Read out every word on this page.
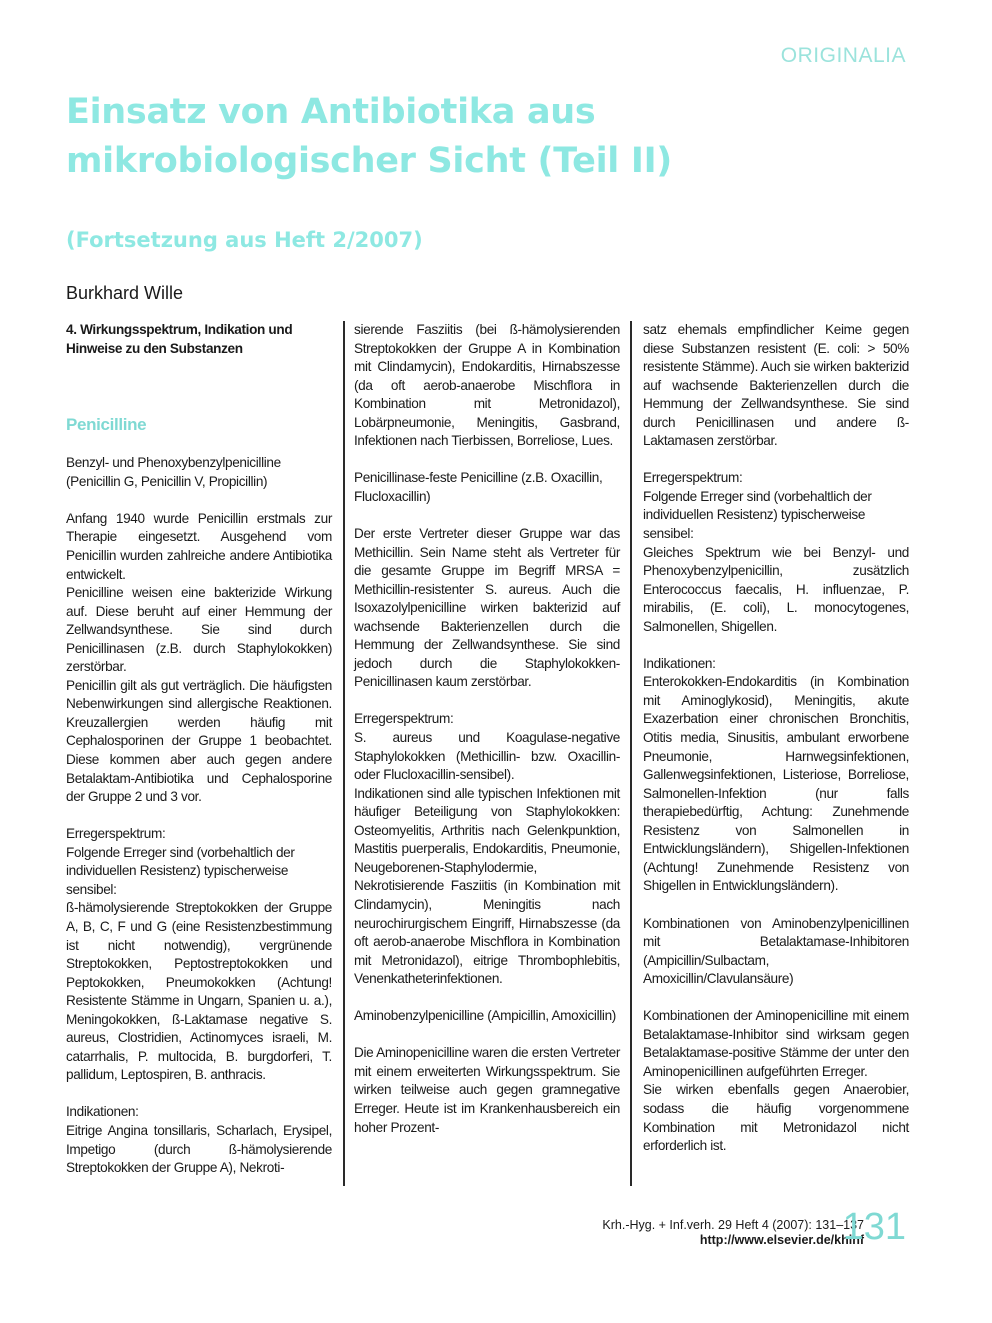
ORIGINALIA
Einsatz von Antibiotika aus mikrobiologischer Sicht (Teil II)
(Fortsetzung aus Heft 2/2007)
Burkhard Wille

4. Wirkungsspektrum, Indikation und Hinweise zu den Substanzen

Penicilline

Benzyl- und Phenoxybenzylpenicilline (Penicillin G, Penicillin V, Propicillin)

Anfang 1940 wurde Penicillin erstmals zur Therapie eingesetzt. Ausgehend vom Penicillin wurden zahlreiche andere Antibiotika entwickelt.

Penicilline weisen eine bakterizide Wirkung auf. Diese beruht auf einer Hemmung der Zellwandsynthese. Sie sind durch Penicillinasen (z.B. durch Staphylokokken) zerstörbar.

Penicillin gilt als gut verträglich. Die häufigsten Nebenwirkungen sind allergische Reaktionen. Kreuzallergien werden häufig mit Cephalosporinen der Gruppe 1 beobachtet. Diese kommen aber auch gegen andere Betalaktam-Antibiotika und Cephalosporine der Gruppe 2 und 3 vor.

Erregerspektrum:

Folgende Erreger sind (vorbehaltlich der individuellen Resistenz) typischerweise sensibel:

ß-hämolysierende Streptokokken der Gruppe A, B, C, F und G (eine Resistenzbestimmung ist nicht notwendig), vergrünende Streptokokken, Peptostreptokokken und Peptokokken, Pneumokokken (Achtung! Resistente Stämme in Ungarn, Spanien u. a.), Meningokokken, ß-Laktamase negative S. aureus, Clostridien, Actinomyces israeli, M. catarrhalis, P. multocida, B. burgdorferi, T. pallidum, Leptospiren, B. anthracis.

Indikationen:

Eitrige Angina tonsillaris, Scharlach, Erysipel, Impetigo (durch ß-hämolysierende Streptokokken der Gruppe A), Nekroti-

sierende Fasziitis (bei ß-hämolysierenden Streptokokken der Gruppe A in Kombination mit Clindamycin), Endokarditis, Hirnabszesse (da oft aerob-anaerobe Mischflora in Kombination mit Metronidazol), Lobärpneumonie, Meningitis, Gasbrand, Infektionen nach Tierbissen, Borreliose, Lues.

Penicillinase-feste Penicilline (z.B. Oxacillin, Flucloxacillin)

Der erste Vertreter dieser Gruppe war das Methicillin. Sein Name steht als Vertreter für die gesamte Gruppe im Begriff MRSA = Methicillin-resistenter S. aureus. Auch die Isoxazolylpenicilline wirken bakterizid auf wachsende Bakterienzellen durch die Hemmung der Zellwandsynthese. Sie sind jedoch durch die Staphylokokken-Penicillinasen kaum zerstörbar.

Erregerspektrum:

S. aureus und Koagulase-negative Staphylokokken (Methicillin- bzw. Oxacillin- oder Flucloxacillin-sensibel).

Indikationen sind alle typischen Infektionen mit häufiger Beteiligung von Staphylokokken: Osteomyelitis, Arthritis nach Gelenkpunktion, Mastitis puerperalis, Endokarditis, Pneumonie, Neugeborenen-Staphylodermie, Nekrotisierende Fasziitis (in Kombination mit Clindamycin), Meningitis nach neurochirurgischem Eingriff, Hirnabszesse (da oft aerob-anaerobe Mischflora in Kombination mit Metronidazol), eitrige Thrombophlebitis, Venenkatheterinfektionen.

Aminobenzylpenicilline (Ampicillin, Amoxicillin)

Die Aminopenicilline waren die ersten Vertreter mit einem erweiterten Wirkungsspektrum. Sie wirken teilweise auch gegen gramnegative Erreger. Heute ist im Krankenhausbereich ein hoher Prozent-

satz ehemals empfindlicher Keime gegen diese Substanzen resistent (E. coli: > 50% resistente Stämme). Auch sie wirken bakterizid auf wachsende Bakterienzellen durch die Hemmung der Zellwandsynthese. Sie sind durch Penicillinasen und andere ß-Laktamasen zerstörbar.

Erregerspektrum:

Folgende Erreger sind (vorbehaltlich der individuellen Resistenz) typischerweise sensibel:

Gleiches Spektrum wie bei Benzyl- und Phenoxybenzylpenicillin, zusätzlich Enterococcus faecalis, H. influenzae, P. mirabilis, (E. coli), L. monocytogenes, Salmonellen, Shigellen.

Indikationen:

Enterokokken-Endokarditis (in Kombination mit Aminoglykosid), Meningitis, akute Exazerbation einer chronischen Bronchitis, Otitis media, Sinusitis, ambulant erworbene Pneumonie, Harnwegsinfektionen, Gallenwegsinfektionen, Listeriose, Borreliose, Salmonellen-Infektion (nur falls therapiebedürftig, Achtung: Zunehmende Resistenz von Salmonellen in Entwicklungsländern), Shigellen-Infektionen (Achtung! Zunehmende Resistenz von Shigellen in Entwicklungsländern).

Kombinationen von Aminobenzylpenicillinen mit Betalaktamase-Inhibitoren (Ampicillin/Sulbactam, Amoxicillin/Clavulansäure)

Kombinationen der Aminopenicilline mit einem Betalaktamase-Inhibitor sind wirksam gegen Betalaktamase-positive Stämme der unter den Aminopenicillinen aufgeführten Erreger.

Sie wirken ebenfalls gegen Anaerobier, sodass die häufig vorgenommene Kombination mit Metronidazol nicht erforderlich ist.

Krh.-Hyg. + Inf.verh. 29 Heft 4 (2007): 131–137
http://www.elsevier.de/khinf
131
